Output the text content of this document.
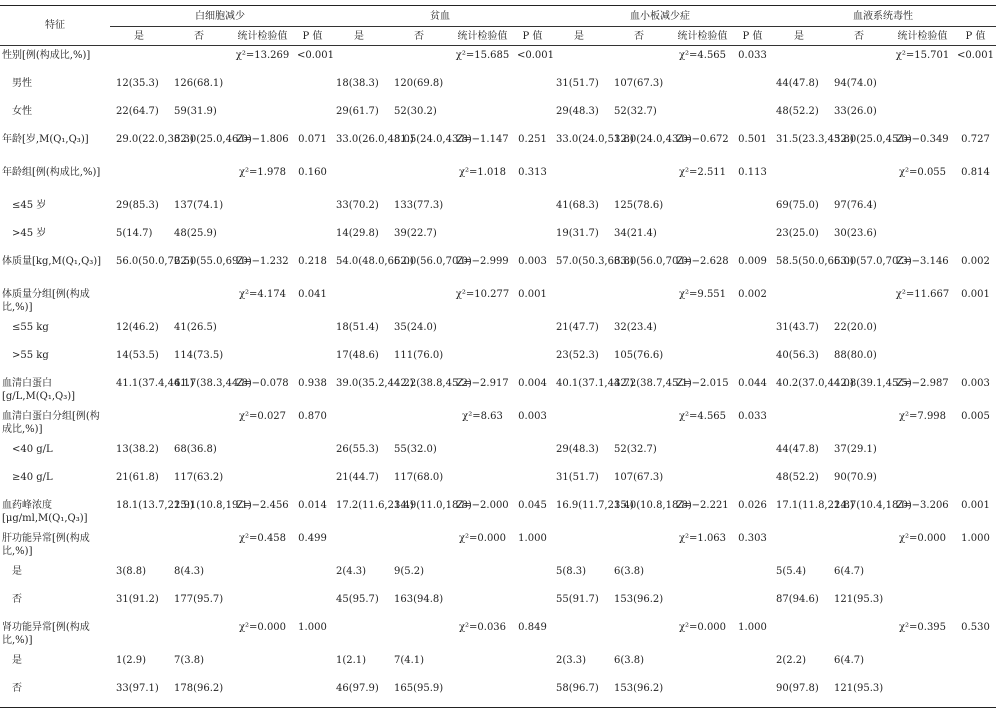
特征	白细胞减少				贫血				血小板减少症				血液系统毒性			
	是	否	统计检验值	P 值	是	否	统计检验值	P 值	是	否	统计检验值	P 值	是	否	统计检验值	P 值
性别[例(构成比,%)]			χ²=13.269	<0.001			χ²=15.685	<0.001			χ²=4.565	0.033			χ²=15.701	<0.001
男性	12(35.3)	126(68.1)			18(38.3)	120(69.8)			31(51.7)	107(67.3)			44(47.8)	94(74.0)		
女性	22(64.7)	59(31.9)			29(61.7)	52(30.2)			29(48.3)	52(32.7)			48(52.2)	33(26.0)		
年龄[岁,M(Q₁,Q₃)]	29.0(22.0,36.3)	32.0(25.0,46.0)	Z=−1.806	0.071	33.0(26.0,48.0)	31.5(24.0,43.8)	Z=−1.147	0.251	33.0(24.0,51.8)	32.0(24.0,43.0)	Z=−0.672	0.501	31.5(23.3,45.8)	32.0(25.0,45.0)	Z=−0.349	0.727
年龄组[例(构成比,%)]			χ²=1.978	0.160			χ²=1.018	0.313			χ²=2.511	0.113			χ²=0.055	0.814
≤45 岁	29(85.3)	137(74.1)			33(70.2)	133(77.3)			41(68.3)	125(78.6)			69(75.0)	97(76.4)		
>45 岁	5(14.7)	48(25.9)			14(29.8)	39(22.7)			19(31.7)	34(21.4)			23(25.0)	30(23.6)		
体质量[kg,M(Q₁,Q₃)]	56.0(50.0,72.5)	62.0(55.0,69.0)	Z=−1.232	0.218	54.0(48.0,65.0)	62.0(56.0,70.0)	Z=−2.999	0.003	57.0(50.3,63.8)	63.0(56.0,70.0)	Z=−2.628	0.009	58.5(50.0,65.0)	63.0(57.0,70.3)	Z=−3.146	0.002
体质量分组[例(构成比,%)]			χ²=4.174	0.041			χ²=10.277	0.001			χ²=9.551	0.002			χ²=11.667	0.001
≤55 kg	12(46.2)	41(26.5)			18(51.4)	35(24.0)			21(47.7)	32(23.4)			31(43.7)	22(20.0)		
>55 kg	14(53.5)	114(73.5)			17(48.6)	111(76.0)			23(52.3)	105(76.6)			40(56.3)	88(80.0)		
血清白蛋白[g/L,M(Q₁,Q₃)]	41.1(37.4,46.1)	41.7(38.3,44.8)	Z=−0.078	0.938	39.0(35.2,44.2)	42.2(38.8,45.2)	Z=−2.917	0.004	40.1(37.1,43.7)	42.2(38.7,45.1)	Z=−2.015	0.044	40.2(37.0,44.0)	42.8(39.1,45.5)	Z=−2.987	0.003
血清白蛋白分组[例(构成比,%)]			χ²=0.027	0.870			χ²=8.63	0.003			χ²=4.565	0.033			χ²=7.998	0.005
<40 g/L	13(38.2)	68(36.8)			26(55.3)	55(32.0)			29(48.3)	52(32.7)			44(47.8)	37(29.1)		
≥40 g/L	21(61.8)	117(63.2)			21(44.7)	117(68.0)			31(51.7)	107(67.3)			48(52.2)	90(70.9)		
血药峰浓度[μg/ml,M(Q₁,Q₃)]	18.1(13.7,22.9)	15.1(10.8,19.1)	Z=−2.456	0.014	17.2(11.6,23.4)	14.9(11.0,18.8)	Z=−2.000	0.045	16.9(11.7,23.4)	15.0(10.8,18.8)	Z=−2.221	0.026	17.1(11.8,22.8)	14.7(10.4,18.0)	Z=−3.206	0.001
肝功能异常[例(构成比,%)]			χ²=0.458	0.499			χ²=0.000	1.000			χ²=1.063	0.303			χ²=0.000	1.000
是	3(8.8)	8(4.3)			2(4.3)	9(5.2)			5(8.3)	6(3.8)			5(5.4)	6(4.7)		
否	31(91.2)	177(95.7)			45(95.7)	163(94.8)			55(91.7)	153(96.2)			87(94.6)	121(95.3)		
肾功能异常[例(构成比,%)]			χ²=0.000	1.000			χ²=0.036	0.849			χ²=0.000	1.000			χ²=0.395	0.530
是	1(2.9)	7(3.8)			1(2.1)	7(4.1)			2(3.3)	6(3.8)			2(2.2)	6(4.7)		
否	33(97.1)	178(96.2)			46(97.9)	165(95.9)			58(96.7)	153(96.2)			90(97.8)	121(95.3)		
